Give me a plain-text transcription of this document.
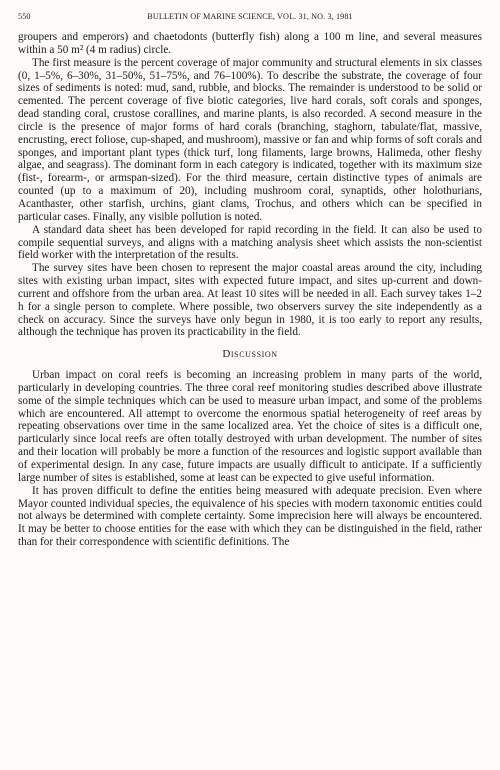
550	BULLETIN OF MARINE SCIENCE, VOL. 31, NO. 3, 1981

groupers and emperors) and chaetodonts (butterfly fish) along a 100 m line, and several measures within a 50 m² (4 m radius) circle.

The first measure is the percent coverage of major community and structural elements in six classes (0, 1–5%, 6–30%, 31–50%, 51–75%, and 76–100%). To describe the substrate, the coverage of four sizes of sediments is noted: mud, sand, rubble, and blocks. The remainder is understood to be solid or cemented. The percent coverage of five biotic categories, live hard corals, soft corals and sponges, dead standing coral, crustose corallines, and marine plants, is also recorded. A second measure in the circle is the presence of major forms of hard corals (branching, staghorn, tabulate/flat, massive, encrusting, erect foliose, cup-shaped, and mushroom), massive or fan and whip forms of soft corals and sponges, and important plant types (thick turf, long filaments, large browns, Halimeda, other fleshy algae, and seagrass). The dominant form in each category is indicated, together with its maximum size (fist-, forearm-, or armspan-sized). For the third measure, certain distinctive types of animals are counted (up to a maximum of 20), including mushroom coral, synaptids, other holothurians, Acanthaster, other starfish, urchins, giant clams, Trochus, and others which can be specified in particular cases. Finally, any visible pollution is noted.

A standard data sheet has been developed for rapid recording in the field. It can also be used to compile sequential surveys, and aligns with a matching analysis sheet which assists the non-scientist field worker with the interpretation of the results.

The survey sites have been chosen to represent the major coastal areas around the city, including sites with existing urban impact, sites with expected future impact, and sites up-current and down-current and offshore from the urban area. At least 10 sites will be needed in all. Each survey takes 1–2 h for a single person to complete. Where possible, two observers survey the site independently as a check on accuracy. Since the surveys have only begun in 1980, it is too early to report any results, although the technique has proven its practicability in the field.

Discussion

Urban impact on coral reefs is becoming an increasing problem in many parts of the world, particularly in developing countries. The three coral reef monitoring studies described above illustrate some of the simple techniques which can be used to measure urban impact, and some of the problems which are encountered. All attempt to overcome the enormous spatial heterogeneity of reef areas by repeating observations over time in the same localized area. Yet the choice of sites is a difficult one, particularly since local reefs are often totally destroyed with urban development. The number of sites and their location will probably be more a function of the resources and logistic support available than of experimental design. In any case, future impacts are usually difficult to anticipate. If a sufficiently large number of sites is established, some at least can be expected to give useful information.

It has proven difficult to define the entities being measured with adequate precision. Even where Mayor counted individual species, the equivalence of his species with modern taxonomic entities could not always be determined with complete certainty. Some imprecision here will always be encountered. It may be better to choose entities for the ease with which they can be distinguished in the field, rather than for their correspondence with scientific definitions. The
